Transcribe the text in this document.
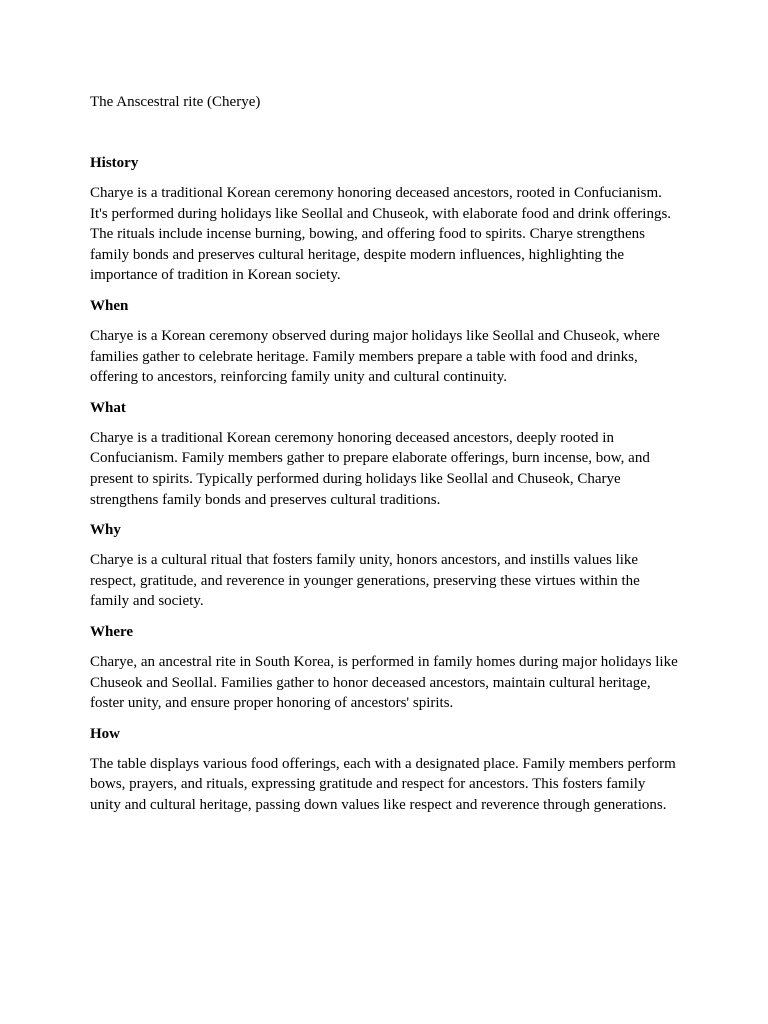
The Anscestral rite (Cherye)
History
Charye is a traditional Korean ceremony honoring deceased ancestors, rooted in Confucianism. It's performed during holidays like Seollal and Chuseok, with elaborate food and drink offerings. The rituals include incense burning, bowing, and offering food to spirits. Charye strengthens family bonds and preserves cultural heritage, despite modern influences, highlighting the importance of tradition in Korean society.
When
Charye is a Korean ceremony observed during major holidays like Seollal and Chuseok, where families gather to celebrate heritage. Family members prepare a table with food and drinks, offering to ancestors, reinforcing family unity and cultural continuity.
What
Charye is a traditional Korean ceremony honoring deceased ancestors, deeply rooted in Confucianism. Family members gather to prepare elaborate offerings, burn incense, bow, and present to spirits. Typically performed during holidays like Seollal and Chuseok, Charye strengthens family bonds and preserves cultural traditions.
Why
Charye is a cultural ritual that fosters family unity, honors ancestors, and instills values like respect, gratitude, and reverence in younger generations, preserving these virtues within the family and society.
Where
Charye, an ancestral rite in South Korea, is performed in family homes during major holidays like Chuseok and Seollal. Families gather to honor deceased ancestors, maintain cultural heritage, foster unity, and ensure proper honoring of ancestors' spirits.
How
The table displays various food offerings, each with a designated place. Family members perform bows, prayers, and rituals, expressing gratitude and respect for ancestors. This fosters family unity and cultural heritage, passing down values like respect and reverence through generations.
